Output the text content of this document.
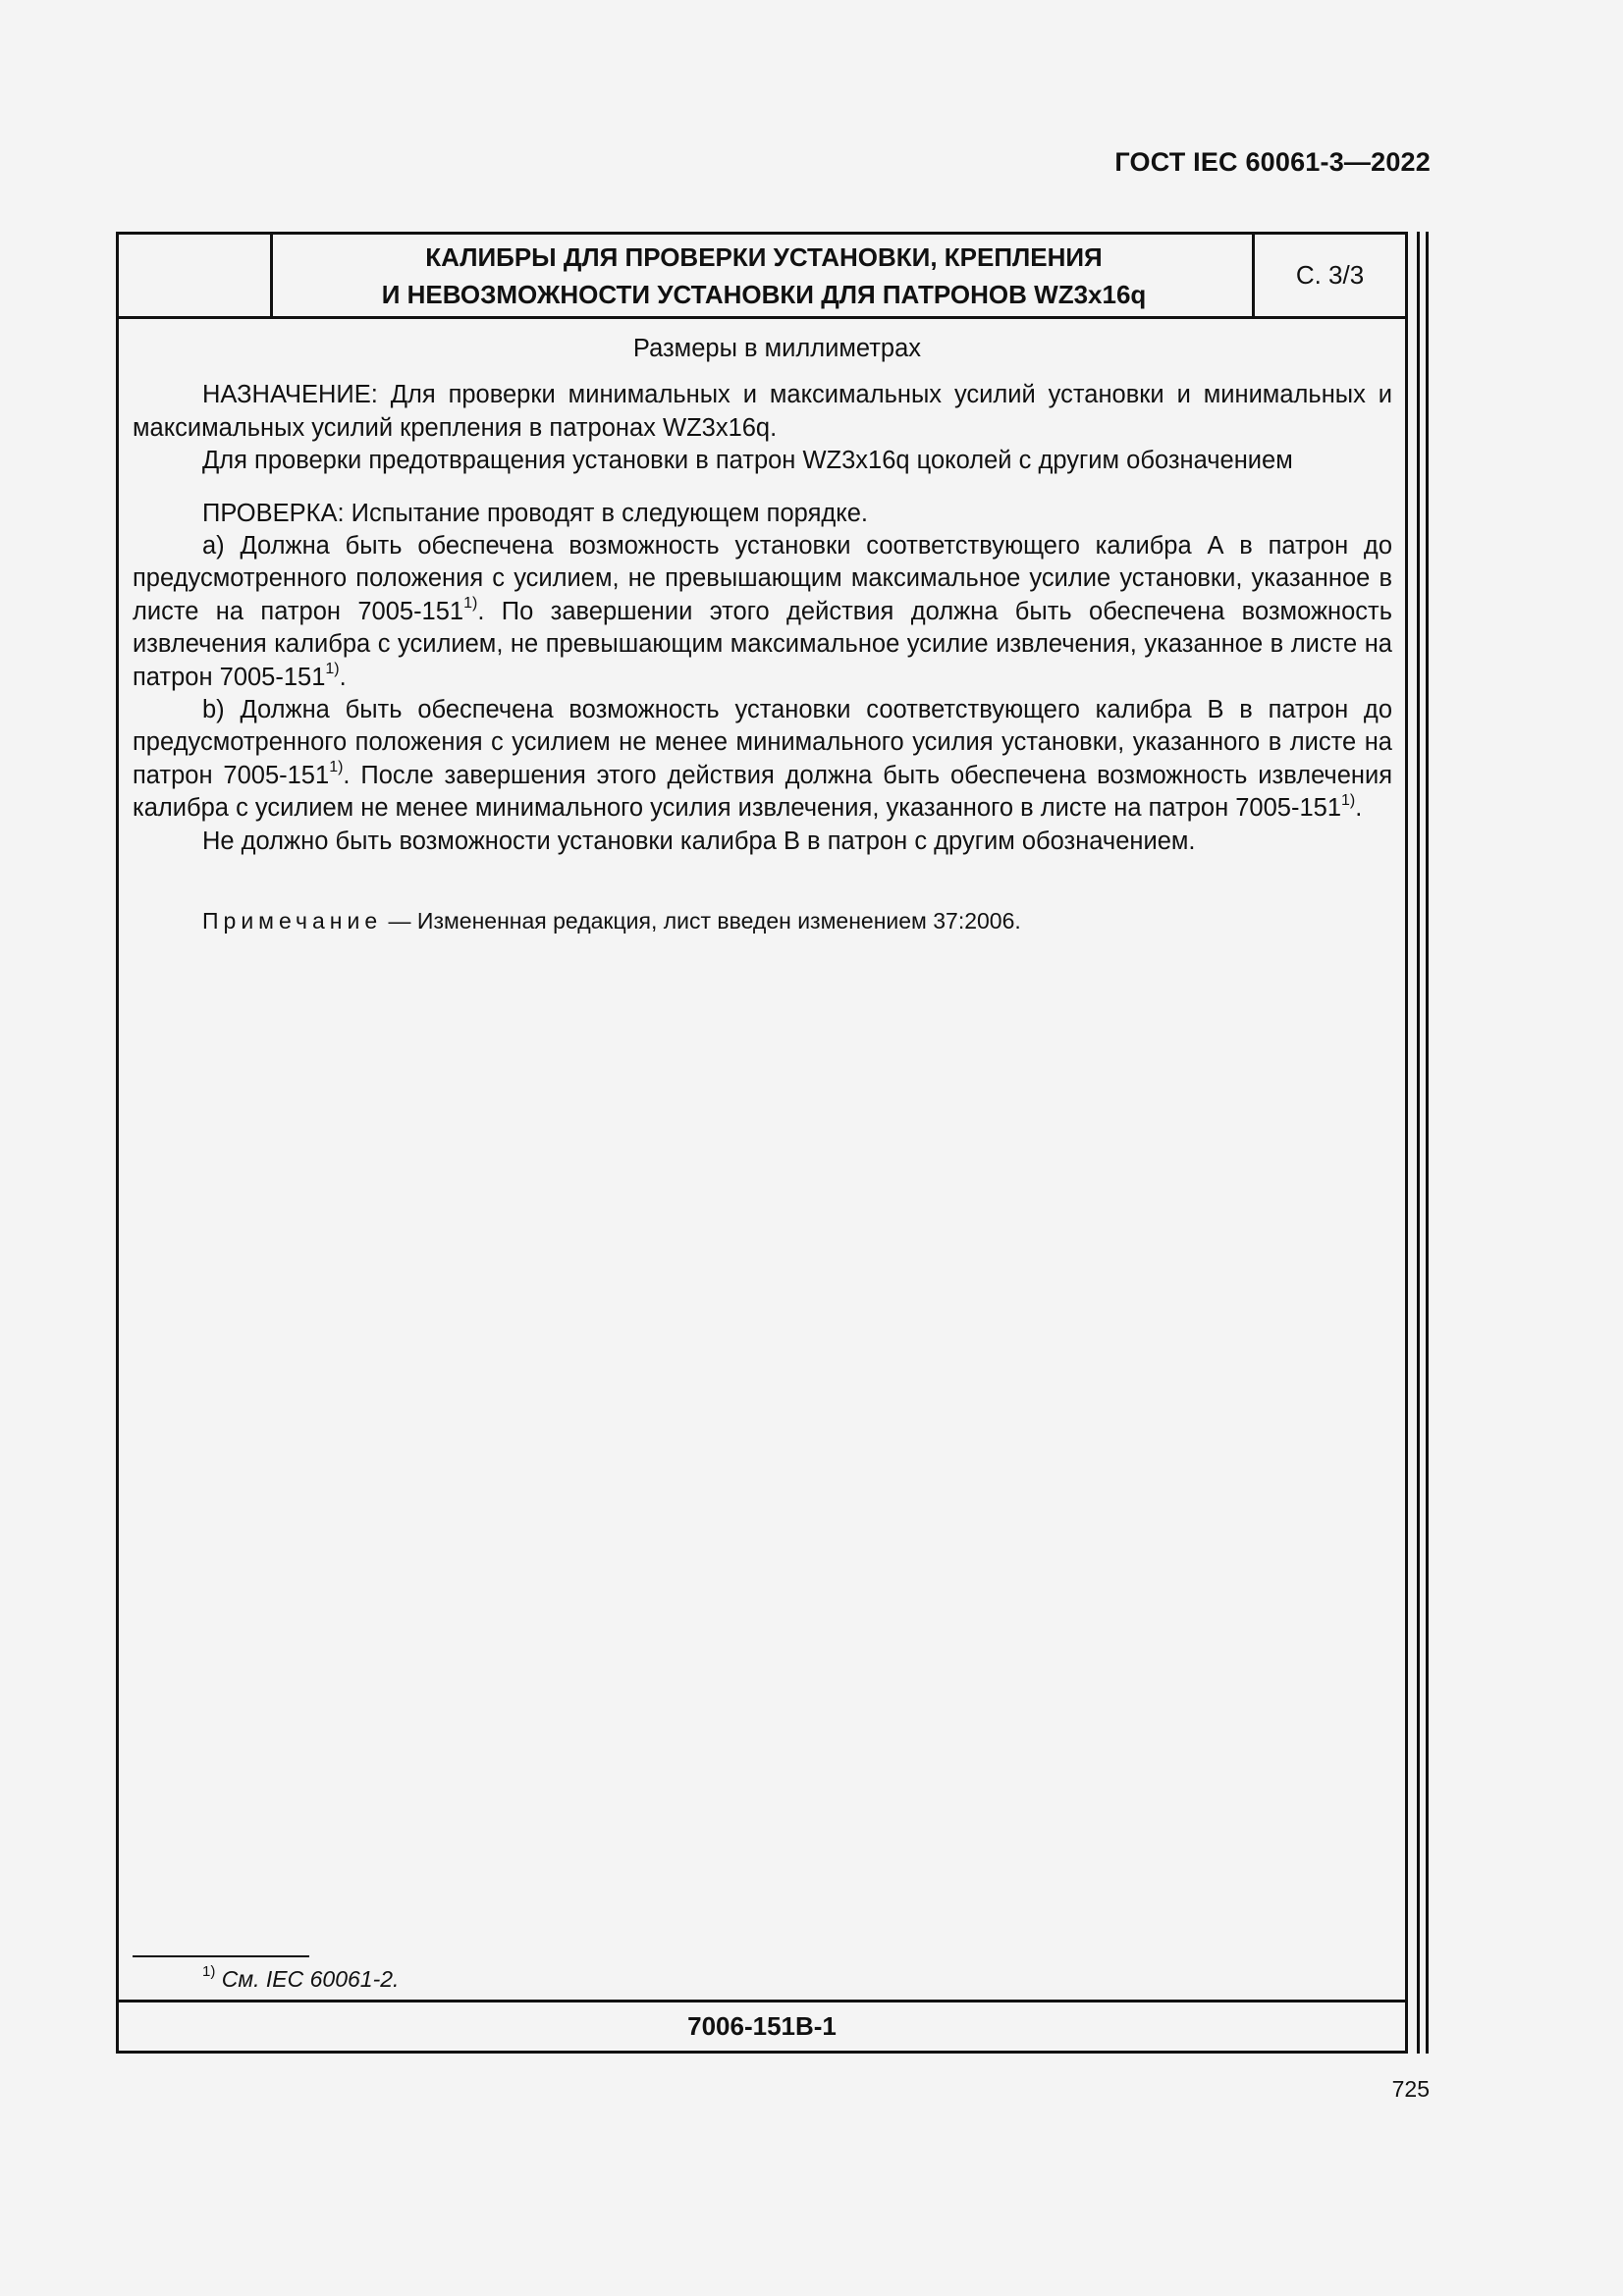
ГОСТ IEC 60061-3—2022
КАЛИБРЫ ДЛЯ ПРОВЕРКИ УСТАНОВКИ, КРЕПЛЕНИЯ
И НЕВОЗМОЖНОСТИ УСТАНОВКИ ДЛЯ ПАТРОНОВ WZ3x16q
С. 3/3
Размеры в миллиметрах

НАЗНАЧЕНИЕ: Для проверки минимальных и максимальных усилий установки и минимальных и максимальных усилий крепления в патронах WZ3x16q.

Для проверки предотвращения установки в патрон WZ3x16q цоколей с другим обозначением

ПРОВЕРКА: Испытание проводят в следующем порядке.

a) Должна быть обеспечена возможность установки соответствующего калибра А в патрон до предусмотренного положения с усилием, не превышающим максимальное усилие установки, указанное в листе на патрон 7005-151$^{1)}$. По завершении этого действия должна быть обеспечена возможность извлечения калибра с усилием, не превышающим максимальное усилие извлечения, указанное в листе на патрон 7005-151$^{1)}$.

b) Должна быть обеспечена возможность установки соответствующего калибра В в патрон до предусмотренного положения с усилием не менее минимального усилия установки, указанного в листе на патрон 7005-151$^{1)}$. После завершения этого действия должна быть обеспечена возможность извлечения калибра с усилием не менее минимального усилия извлечения, указанного в листе на патрон 7005-151$^{1)}$.

Не должно быть возможности установки калибра В в патрон с другим обозначением.

Примечание — Измененная редакция, лист введен изменением 37:2006.

$^{1)}$ См. IEC 60061-2.
7006-151B-1
725
